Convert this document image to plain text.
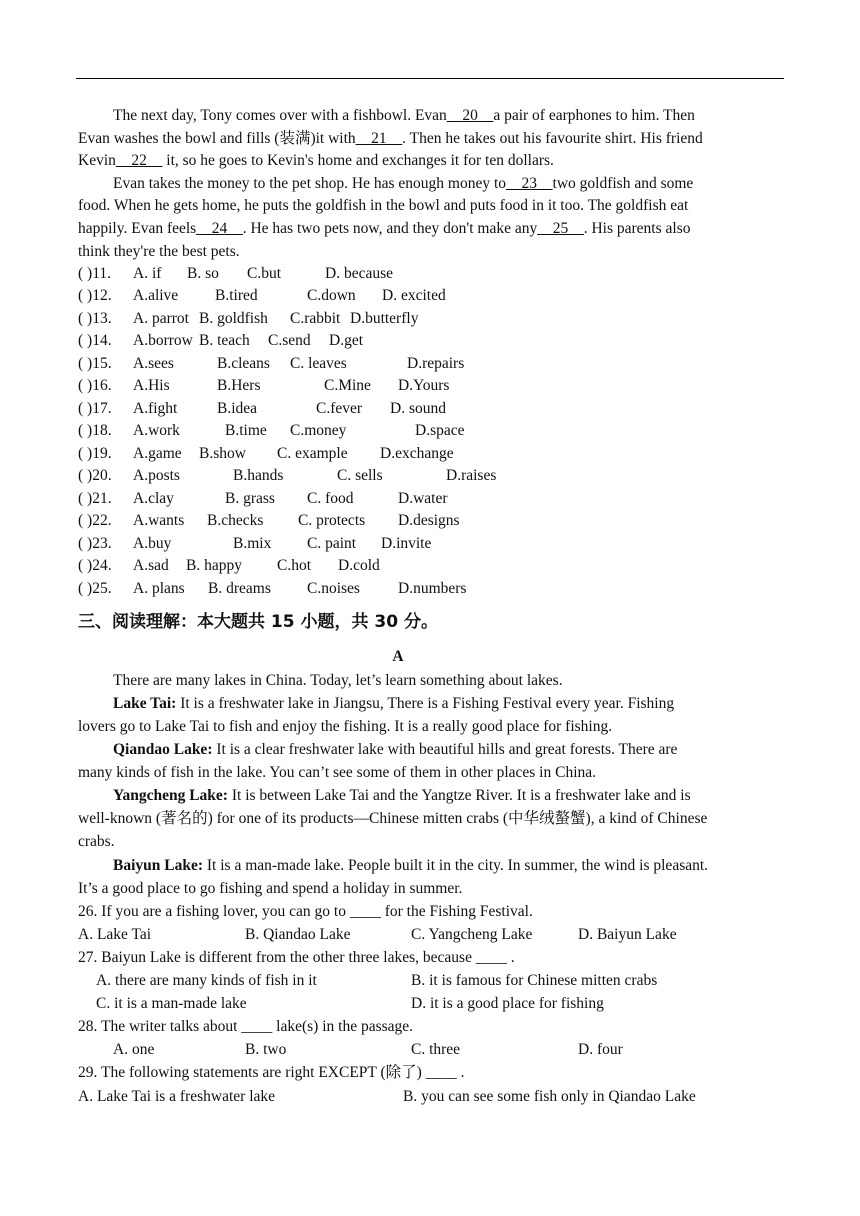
The next day, Tony comes over with a fishbowl. Evan__20__a pair of earphones to him. Then
Evan washes the bowl and fills (装满)it with__21__. Then he takes out his favourite shirt. His friend
Kevin__22__ it, so he goes to Kevin's home and exchanges it for ten dollars.
Evan takes the money to the pet shop. He has enough money to__23__two goldfish and some
food. When he gets home, he puts the goldfish in the bowl and puts food in it too. The goldfish eat
happily. Evan feels__24__. He has two pets now, and they don't make any__25__. His parents also
think they're the best pets.
( )11. A. if B. so C.but	D. because
( )12. A.alive B.tired	C.down D. excited
( )13. A. parrot B. goldfish C.rabbit D.butterfly
( )14. A.borrow B. teach C.send D.get
( )15. A.sees	B.cleans C. leaves	D.repairs
( )16. A.His	B.Hers	C.Mine D.Yours
( )17. A.fight	B.idea	C.fever D. sound
( )18. A.work	B.time C.money	D.space
( )19. A.game B.show C. example D.exchange
( )20. A.posts	B.hands	C. sells	D.raises
( )21. A.clay	B. grass C. food	D.water
( )22. A.wants B.checks C. protects D.designs
( )23. A.buy	B.mix C. paint D.invite
( )24. A.sad B. happy C.hot D.cold
( )25. A. plans B. dreams C.noises D.numbers
三、阅读理解：本大题共 15 小题，共 30 分。
A
There are many lakes in China. Today, let’s learn something about lakes.
Lake Tai: It is a freshwater lake in Jiangsu, There is a Fishing Festival every year. Fishing
lovers go to Lake Tai to fish and enjoy the fishing. It is a really good place for fishing.
Qiandao Lake: It is a clear freshwater lake with beautiful hills and great forests. There are
many kinds of fish in the lake. You can’t see some of them in other places in China.
Yangcheng Lake: It is between Lake Tai and the Yangtze River. It is a freshwater lake and is
well-known (著名的) for one of its products—Chinese mitten crabs (中华绒螯蟹), a kind of Chinese
crabs.
Baiyun Lake: It is a man-made lake. People built it in the city. In summer, the wind is pleasant.
It’s a good place to go fishing and spend a holiday in summer.
26. If you are a fishing lover, you can go to ____ for the Fishing Festival.
A. Lake Tai	B. Qiandao Lake	C. Yangcheng Lake	D. Baiyun Lake
27. Baiyun Lake is different from the other three lakes, because ____ .
A. there are many kinds of fish in it	B. it is famous for Chinese mitten crabs
C. it is a man-made lake	D. it is a good place for fishing
28. The writer talks about ____ lake(s) in the passage.
A. one	B. two	C. three	D. four
29. The following statements are right EXCEPT (除了) ____ .
A. Lake Tai is a freshwater lake	B. you can see some fish only in Qiandao Lake
